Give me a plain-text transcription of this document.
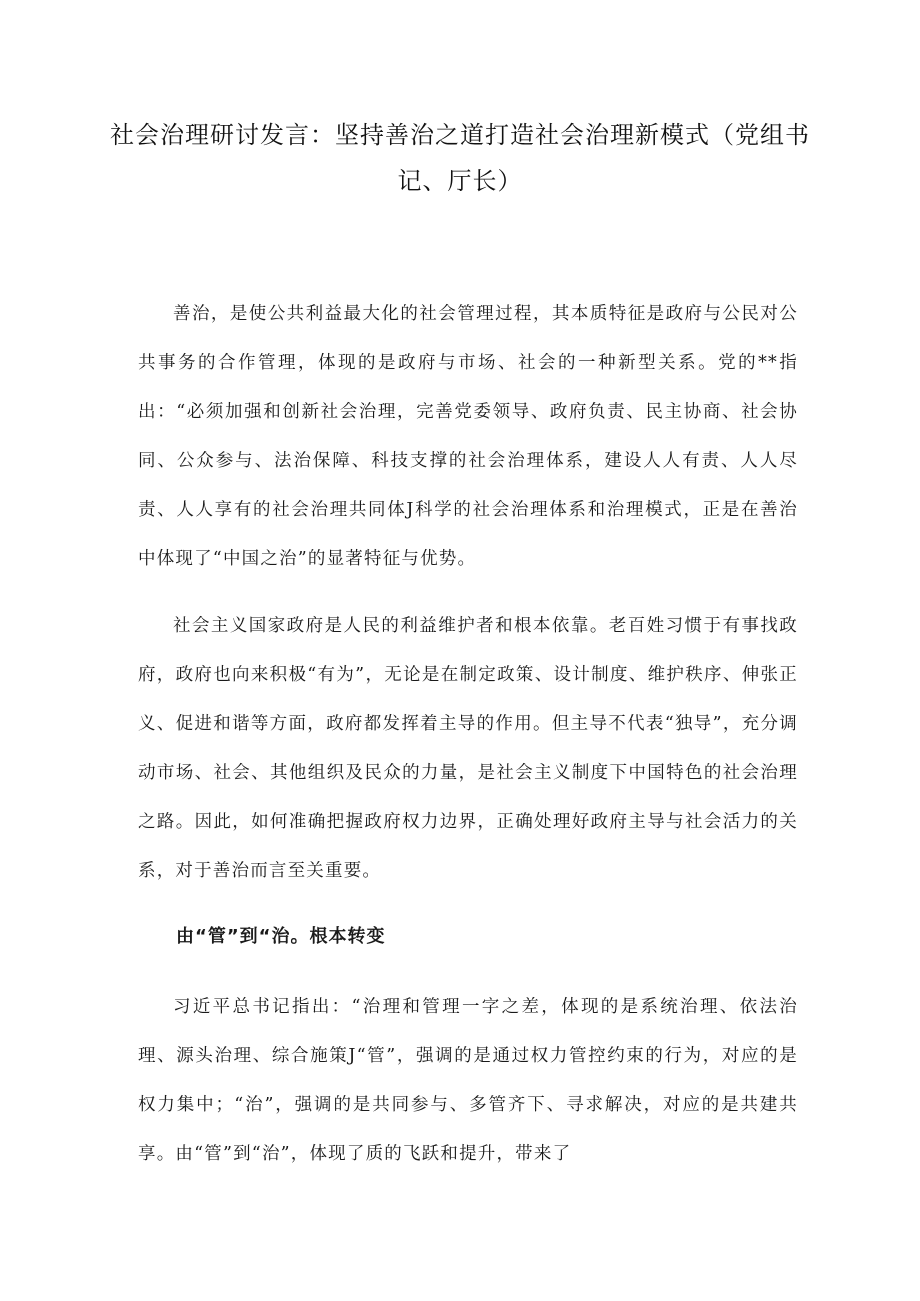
社会治理研讨发言：坚持善治之道打造社会治理新模式（党组书记、厅长）
善治，是使公共利益最大化的社会管理过程，其本质特征是政府与公民对公共事务的合作管理，体现的是政府与市场、社会的一种新型关系。党的**指出：“必须加强和创新社会治理，完善党委领导、政府负责、民主协商、社会协同、公众参与、法治保障、科技支撑的社会治理体系，建设人人有责、人人尽责、人人享有的社会治理共同体J科学的社会治理体系和治理模式，正是在善治中体现了“中国之治”的显著特征与优势。
社会主义国家政府是人民的利益维护者和根本依靠。老百姓习惯于有事找政府，政府也向来积极“有为”，无论是在制定政策、设计制度、维护秩序、伸张正义、促进和谐等方面，政府都发挥着主导的作用。但主导不代表“独导”，充分调动市场、社会、其他组织及民众的力量，是社会主义制度下中国特色的社会治理之路。因此，如何准确把握政府权力边界，正确处理好政府主导与社会活力的关系，对于善治而言至关重要。
由“管”到“治。根本转变
习近平总书记指出：“治理和管理一字之差，体现的是系统治理、依法治理、源头治理、综合施策J“管”，强调的是通过权力管控约束的行为，对应的是权力集中；“治”，强调的是共同参与、多管齐下、寻求解决，对应的是共建共享。由“管”到“治”，体现了质的飞跃和提升，带来了
